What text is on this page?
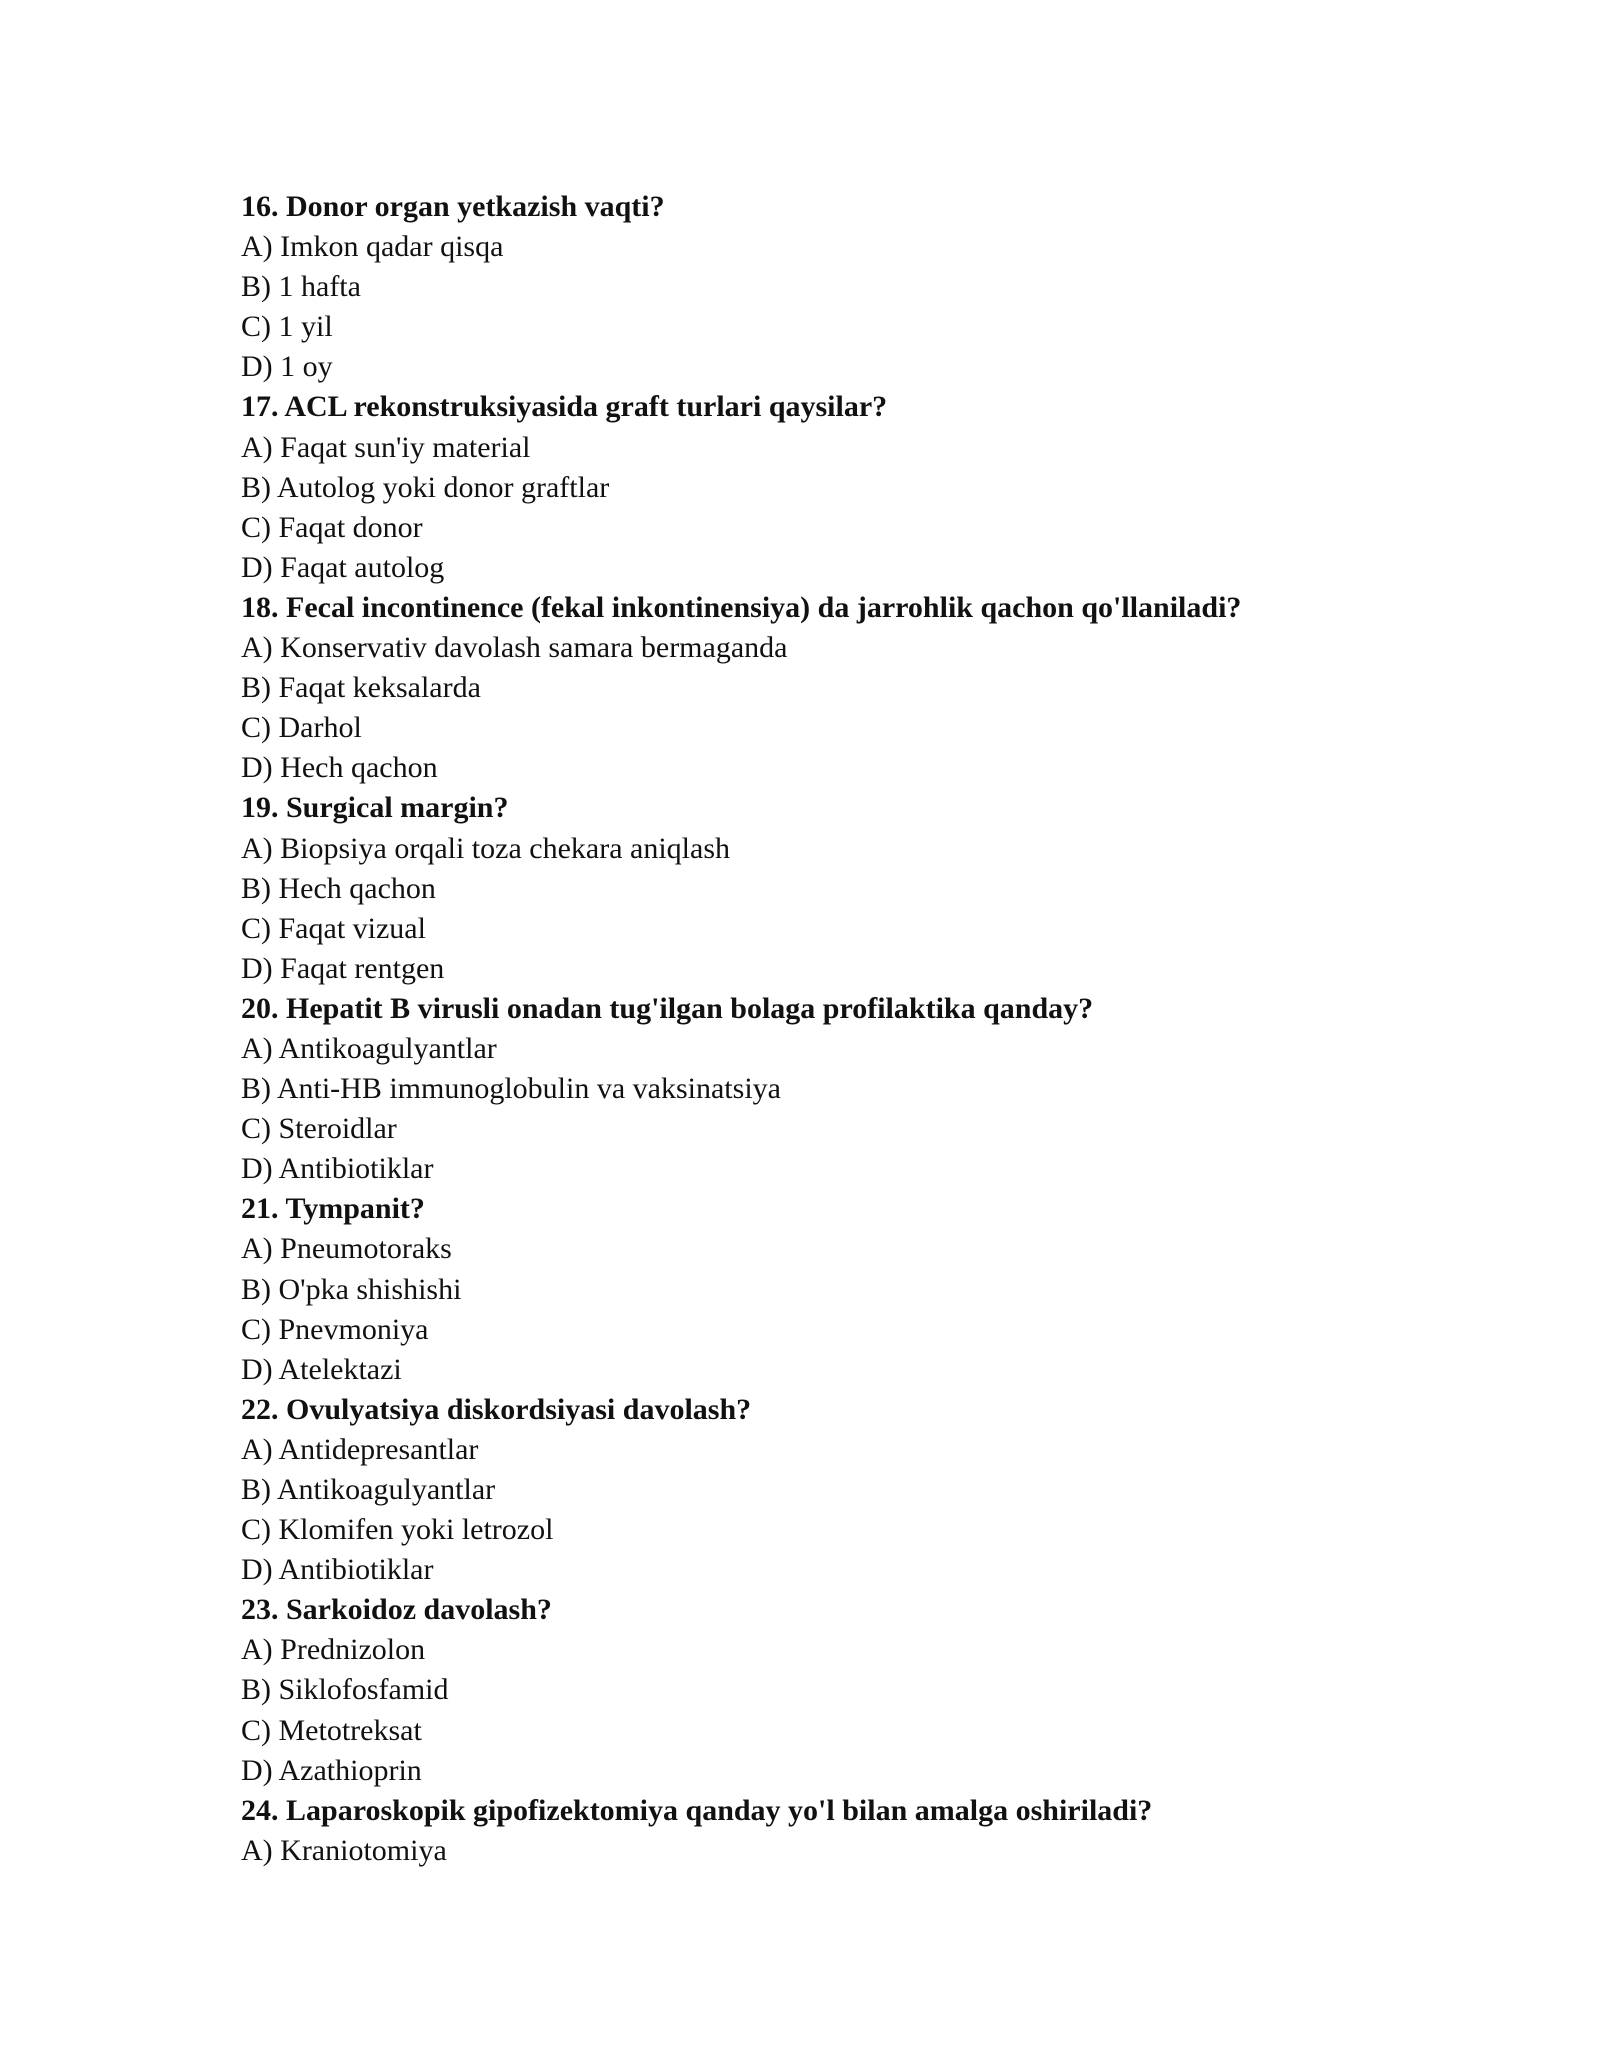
16. Donor organ yetkazish vaqti?
A) Imkon qadar qisqa
B) 1 hafta
C) 1 yil
D) 1 oy
17. ACL rekonstruksiyasida graft turlari qaysilar?
A) Faqat sun'iy material
B) Autolog yoki donor graftlar
C) Faqat donor
D) Faqat autolog
18. Fecal incontinence (fekal inkontinensiya) da jarrohlik qachon qo'llaniladi?
A) Konservativ davolash samara bermaganda
B) Faqat keksalarda
C) Darhol
D) Hech qachon
19. Surgical margin?
A) Biopsiya orqali toza chekara aniqlash
B) Hech qachon
C) Faqat vizual
D) Faqat rentgen
20. Hepatit B virusli onadan tug'ilgan bolaga profilaktika qanday?
A) Antikoagulyantlar
B) Anti-HB immunoglobulin va vaksinatsiya
C) Steroidlar
D) Antibiotiklar
21. Tympanit?
A) Pneumotoraks
B) O'pka shishishi
C) Pnevmoniya
D) Atelektazi
22. Ovulyatsiya diskordsiyasi davolash?
A) Antidepresantlar
B) Antikoagulyantlar
C) Klomifen yoki letrozol
D) Antibiotiklar
23. Sarkoidoz davolash?
A) Prednizolon
B) Siklofosfamid
C) Metotreksat
D) Azathioprin
24. Laparoskopik gipofizektomiya qanday yo'l bilan amalga oshiriladi?
A) Kraniotomiya
